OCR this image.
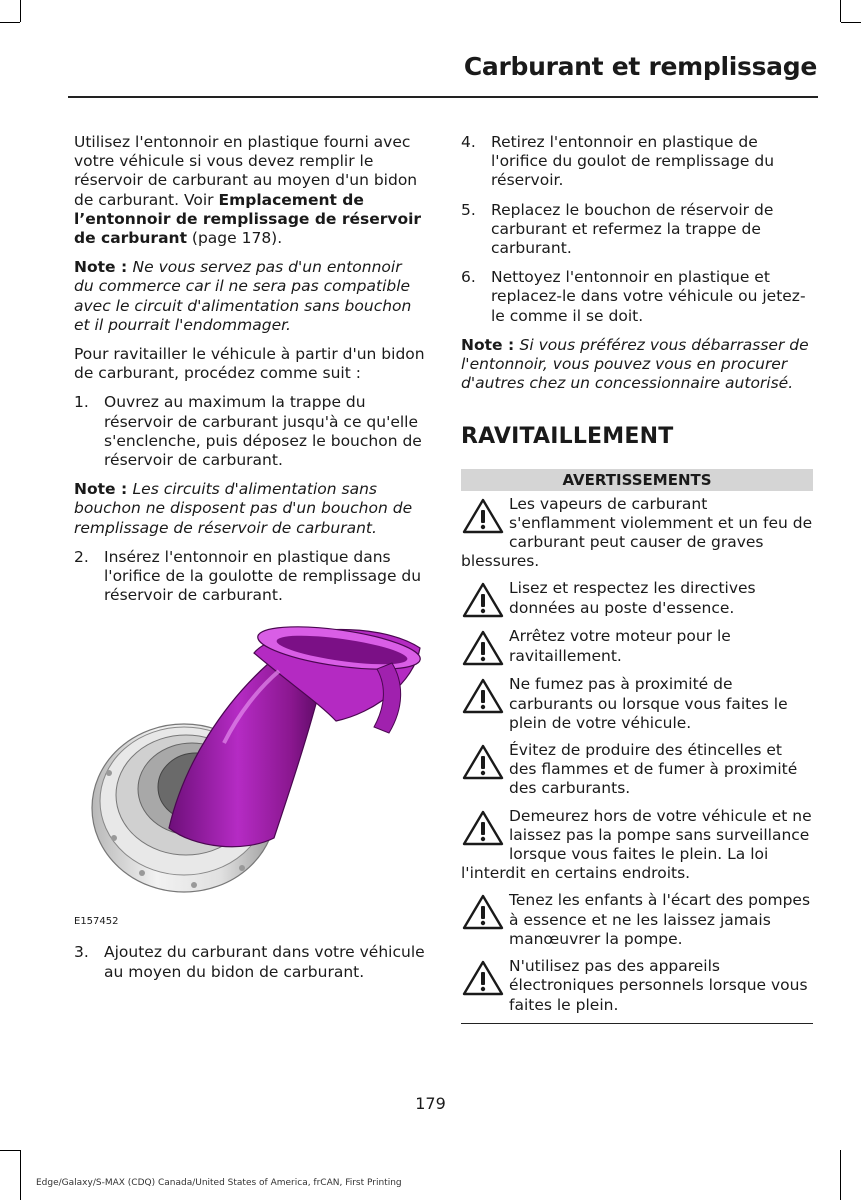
Carburant et remplissage

Utilisez l'entonnoir en plastique fourni avec votre véhicule si vous devez remplir le réservoir de carburant au moyen d'un bidon de carburant. Voir Emplacement de l’entonnoir de remplissage de réservoir de carburant (page 178).

Note : Ne vous servez pas d'un entonnoir du commerce car il ne sera pas compatible avec le circuit d'alimentation sans bouchon et il pourrait l'endommager.

Pour ravitailler le véhicule à partir d'un bidon de carburant, procédez comme suit :

1. Ouvrez au maximum la trappe du réservoir de carburant jusqu'à ce qu'elle s'enclenche, puis déposez le bouchon de réservoir de carburant.

Note : Les circuits d'alimentation sans bouchon ne disposent pas d'un bouchon de remplissage de réservoir de carburant.

2. Insérez l'entonnoir en plastique dans l'orifice de la goulotte de remplissage du réservoir de carburant.
E157452
3. Ajoutez du carburant dans votre véhicule au moyen du bidon de carburant.
4. Retirez l'entonnoir en plastique de l'orifice du goulot de remplissage du réservoir.
5. Replacez le bouchon de réservoir de carburant et refermez la trappe de carburant.
6. Nettoyez l'entonnoir en plastique et replacez-le dans votre véhicule ou jetez-le comme il se doit.

Note : Si vous préférez vous débarrasser de l'entonnoir, vous pouvez vous en procurer d'autres chez un concessionnaire autorisé.

RAVITAILLEMENT
AVERTISSEMENTS
Les vapeurs de carburant s'enflamment violemment et un feu de carburant peut causer de graves blessures.
Lisez et respectez les directives données au poste d'essence.
Arrêtez votre moteur pour le ravitaillement.
Ne fumez pas à proximité de carburants ou lorsque vous faites le plein de votre véhicule.
Évitez de produire des étincelles et des flammes et de fumer à proximité des carburants.
Demeurez hors de votre véhicule et ne laissez pas la pompe sans surveillance lorsque vous faites le plein. La loi l'interdit en certains endroits.
Tenez les enfants à l'écart des pompes à essence et ne les laissez jamais manœuvrer la pompe.
N'utilisez pas des appareils électroniques personnels lorsque vous faites le plein.
179
Edge/Galaxy/S-MAX (CDQ) Canada/United States of America, frCAN, First Printing
